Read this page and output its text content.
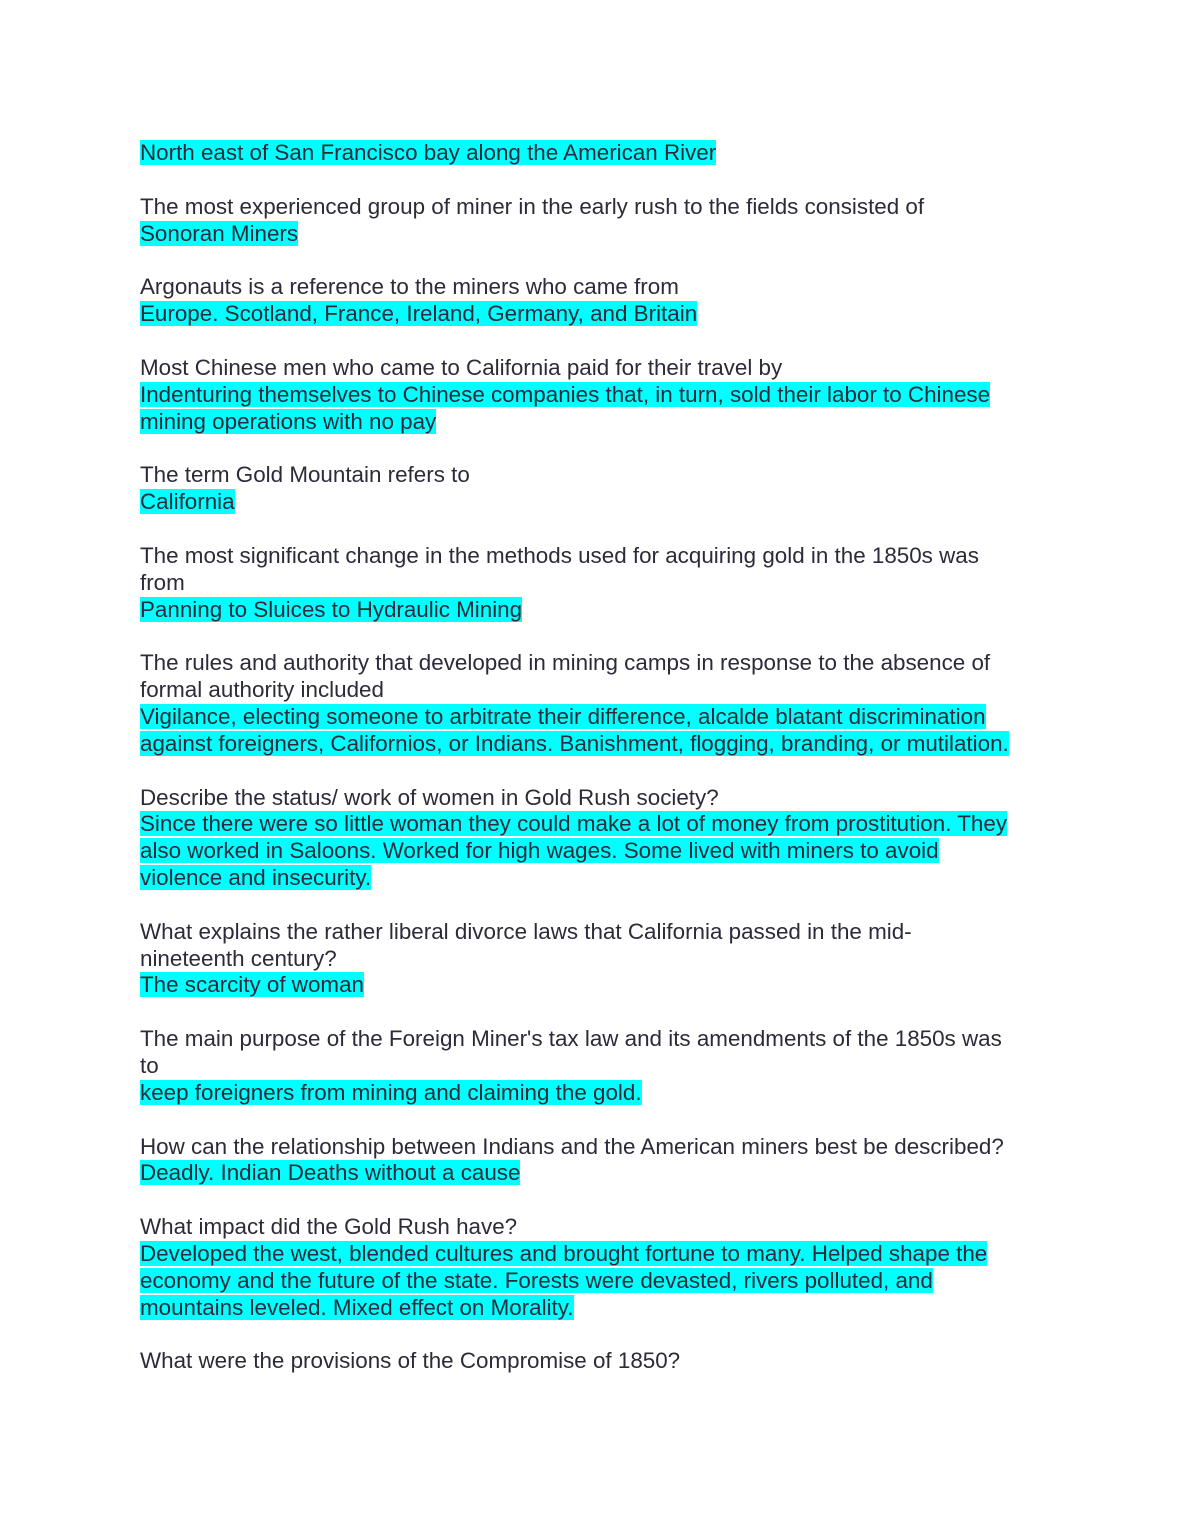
North east of San Francisco bay along the American River
The most experienced group of miner in the early rush to the fields consisted of
Sonoran Miners
Argonauts is a reference to the miners who came from
Europe. Scotland, France, Ireland, Germany, and Britain
Most Chinese men who came to California paid for their travel by
Indenturing themselves to Chinese companies that, in turn, sold their labor to Chinese
mining operations with no pay
The term Gold Mountain refers to
California
The most significant change in the methods used for acquiring gold in the 1850s was
from
Panning to Sluices to Hydraulic Mining
The rules and authority that developed in mining camps in response to the absence of
formal authority included
Vigilance, electing someone to arbitrate their difference, alcalde blatant discrimination
against foreigners, Californios, or Indians. Banishment, flogging, branding, or mutilation.
Describe the status/ work of women in Gold Rush society?
Since there were so little woman they could make a lot of money from prostitution. They
also worked in Saloons. Worked for high wages. Some lived with miners to avoid
violence and insecurity.
What explains the rather liberal divorce laws that California passed in the mid-
nineteenth century?
The scarcity of woman
The main purpose of the Foreign Miner's tax law and its amendments of the 1850s was
to
keep foreigners from mining and claiming the gold.
How can the relationship between Indians and the American miners best be described?
Deadly. Indian Deaths without a cause
What impact did the Gold Rush have?
Developed the west, blended cultures and brought fortune to many. Helped shape the
economy and the future of the state. Forests were devasted, rivers polluted, and
mountains leveled. Mixed effect on Morality.
What were the provisions of the Compromise of 1850?
